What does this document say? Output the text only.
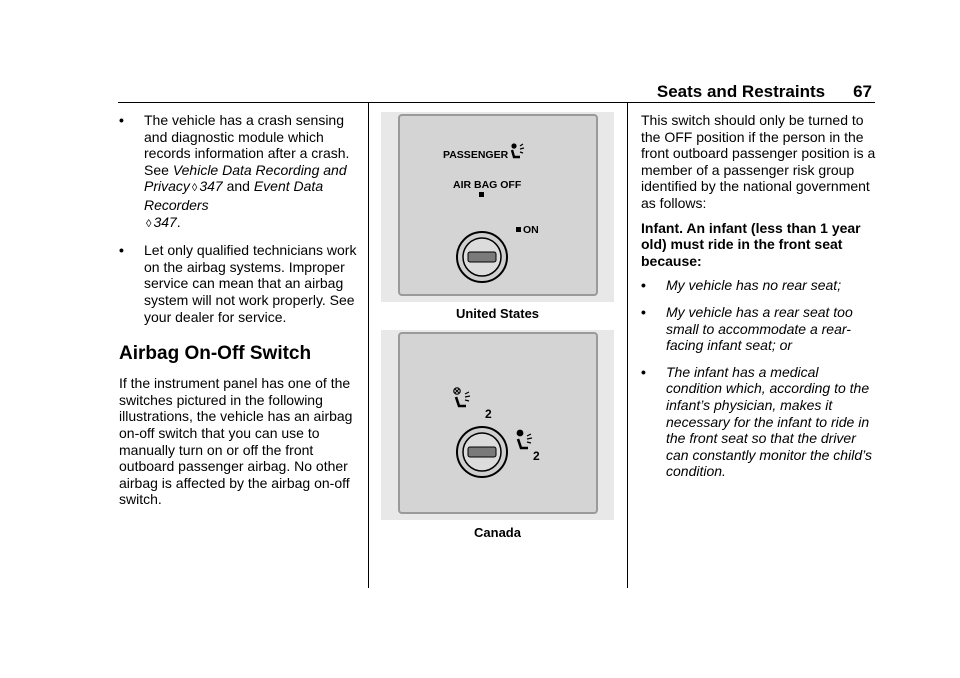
Seats and Restraints 67
• The vehicle has a crash sensing and diagnostic module which records information after a crash. See Vehicle Data Recording and Privacy ◊ 347 and Event Data Recorders
◊ 347.
• Let only qualified technicians work on the airbag systems. Improper service can mean that an airbag system will not work properly. See your dealer for service.
Airbag On-Off Switch

If the instrument panel has one of the switches pictured in the following illustrations, the vehicle has an airbag on-off switch that you can use to manually turn on or off the front outboard passenger airbag. No other airbag is affected by the airbag on-off switch.

PASSENGER
AIR BAG OFF
ON
United States
2
2
Canada

This switch should only be turned to the OFF position if the person in the front outboard passenger position is a member of a passenger risk group identified by the national government as follows:

Infant. An infant (less than 1 year old) must ride in the front seat because:

• My vehicle has no rear seat;
• My vehicle has a rear seat too small to accommodate a rear-facing infant seat; or
• The infant has a medical condition which, according to the infant’s physician, makes it necessary for the infant to ride in the front seat so that the driver can constantly monitor the child’s condition.
